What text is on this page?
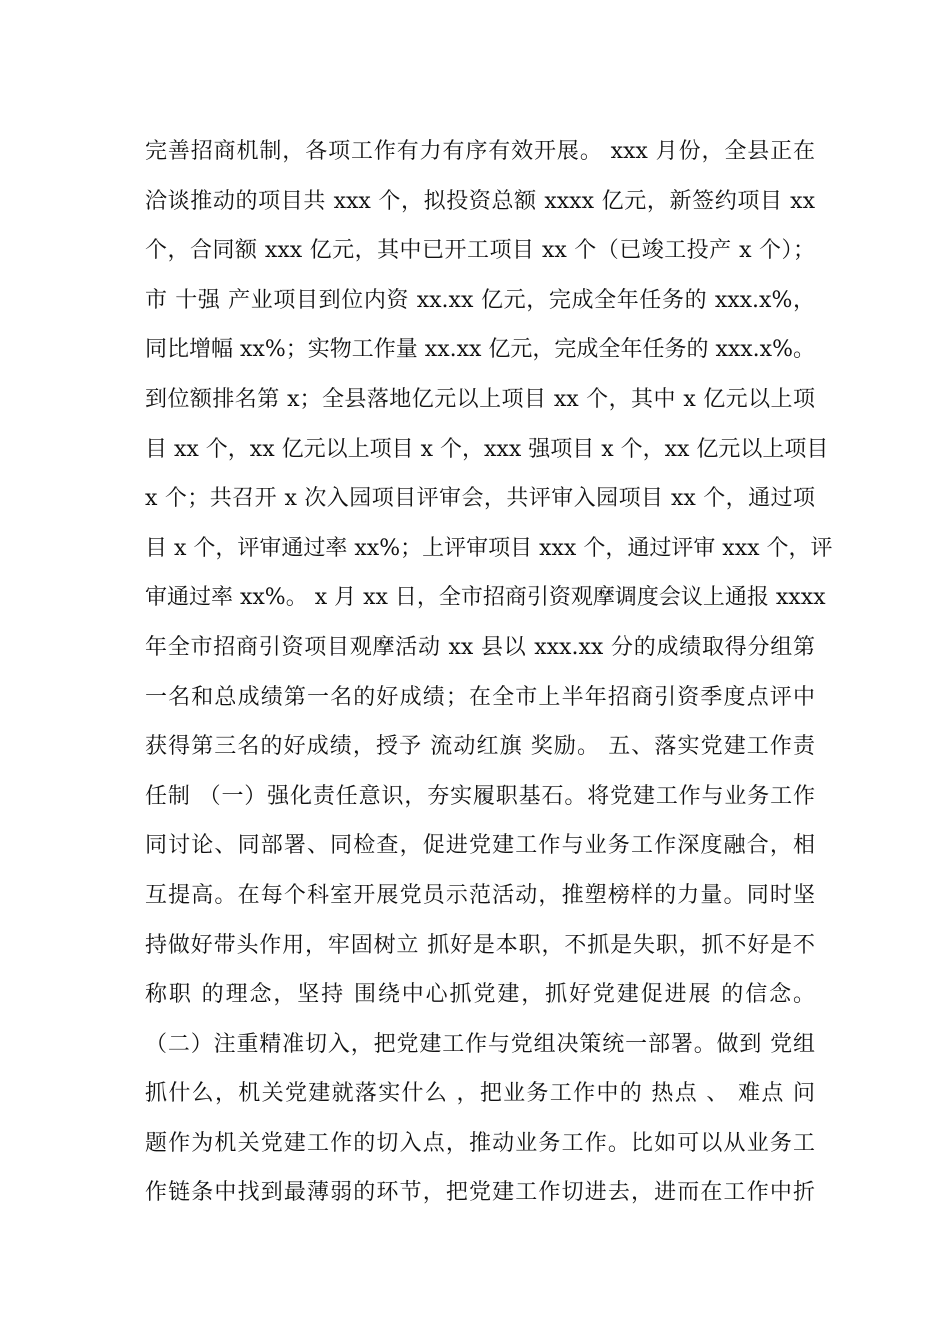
完善招商机制，各项工作有力有序有效开展。 xxx 月份，全县正在
洽谈推动的项目共 xxx 个，拟投资总额 xxxx 亿元，新签约项目 xx
个，合同额 xxx 亿元，其中已开工项目 xx 个（已竣工投产 x 个）；
市 十强 产业项目到位内资 xx.xx 亿元，完成全年任务的 xxx.x%，
同比增幅 xx%；实物工作量 xx.xx 亿元，完成全年任务的 xxx.x%。
到位额排名第 x；全县落地亿元以上项目 xx 个，其中 x 亿元以上项
目 xx 个，xx 亿元以上项目 x 个，xxx 强项目 x 个，xx 亿元以上项目
x 个；共召开 x 次入园项目评审会，共评审入园项目 xx 个，通过项
目 x 个，评审通过率 xx%；上评审项目 xxx 个，通过评审 xxx 个，评
审通过率 xx%。 x 月 xx 日，全市招商引资观摩调度会议上通报 xxxx
年全市招商引资项目观摩活动 xx 县以 xxx.xx 分的成绩取得分组第
一名和总成绩第一名的好成绩；在全市上半年招商引资季度点评中
获得第三名的好成绩，授予 流动红旗 奖励。 五、落实党建工作责
任制 （一）强化责任意识，夯实履职基石。将党建工作与业务工作
同讨论、同部署、同检查，促进党建工作与业务工作深度融合，相
互提高。在每个科室开展党员示范活动，推塑榜样的力量。同时坚
持做好带头作用，牢固树立 抓好是本职，不抓是失职，抓不好是不
称职 的理念，坚持 围绕中心抓党建，抓好党建促进展 的信念。
（二）注重精准切入，把党建工作与党组决策统一部署。做到 党组
抓什么，机关党建就落实什么 ，把业务工作中的 热点 、 难点 问
题作为机关党建工作的切入点，推动业务工作。比如可以从业务工
作链条中找到最薄弱的环节，把党建工作切进去，进而在工作中折
